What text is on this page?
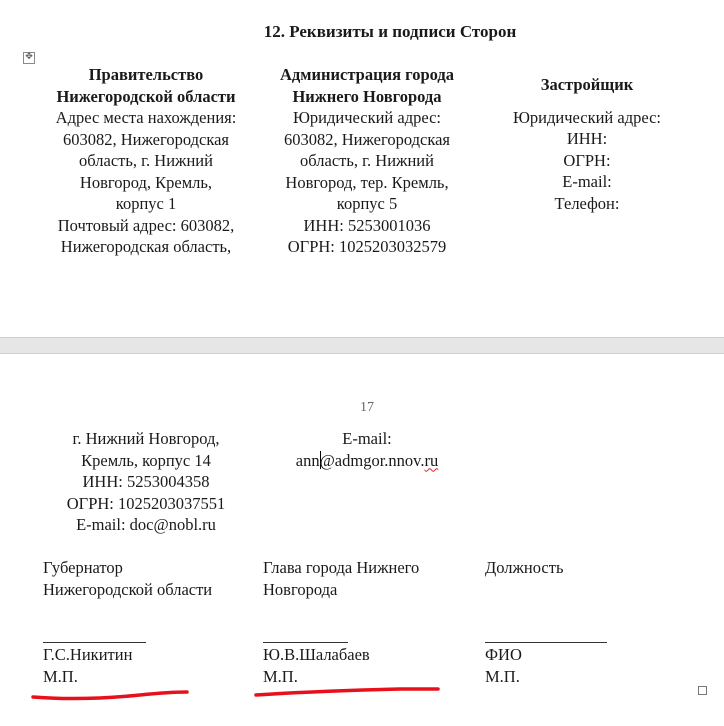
12. Реквизиты и подписи Сторон
✥
Правительство
Нижегородской области
Адрес места нахождения:
603082, Нижегородская
область, г. Нижний
Новгород, Кремль,
корпус 1
Почтовый адрес: 603082,
Нижегородская область,
Администрация города
Нижнего Новгорода
Юридический адрес:
603082, Нижегородская
область, г. Нижний
Новгород, тер. Кремль,
корпус 5
ИНН: 5253001036
ОГРН: 1025203032579
Застройщик
Юридический адрес:
ИНН:
ОГРН:
E-mail:
Телефон:
17
г. Нижний Новгород,
Кремль, корпус 14
ИНН: 5253004358
ОГРН: 1025203037551
E-mail: doc@nobl.ru
E-mail:
ann@admgor.nnov.ru
Губернатор
Нижегородской области
Глава города Нижнего
Новгорода
Должность
Г.С.Никитин
М.П.
Ю.В.Шалабаев
М.П.
ФИО
М.П.
